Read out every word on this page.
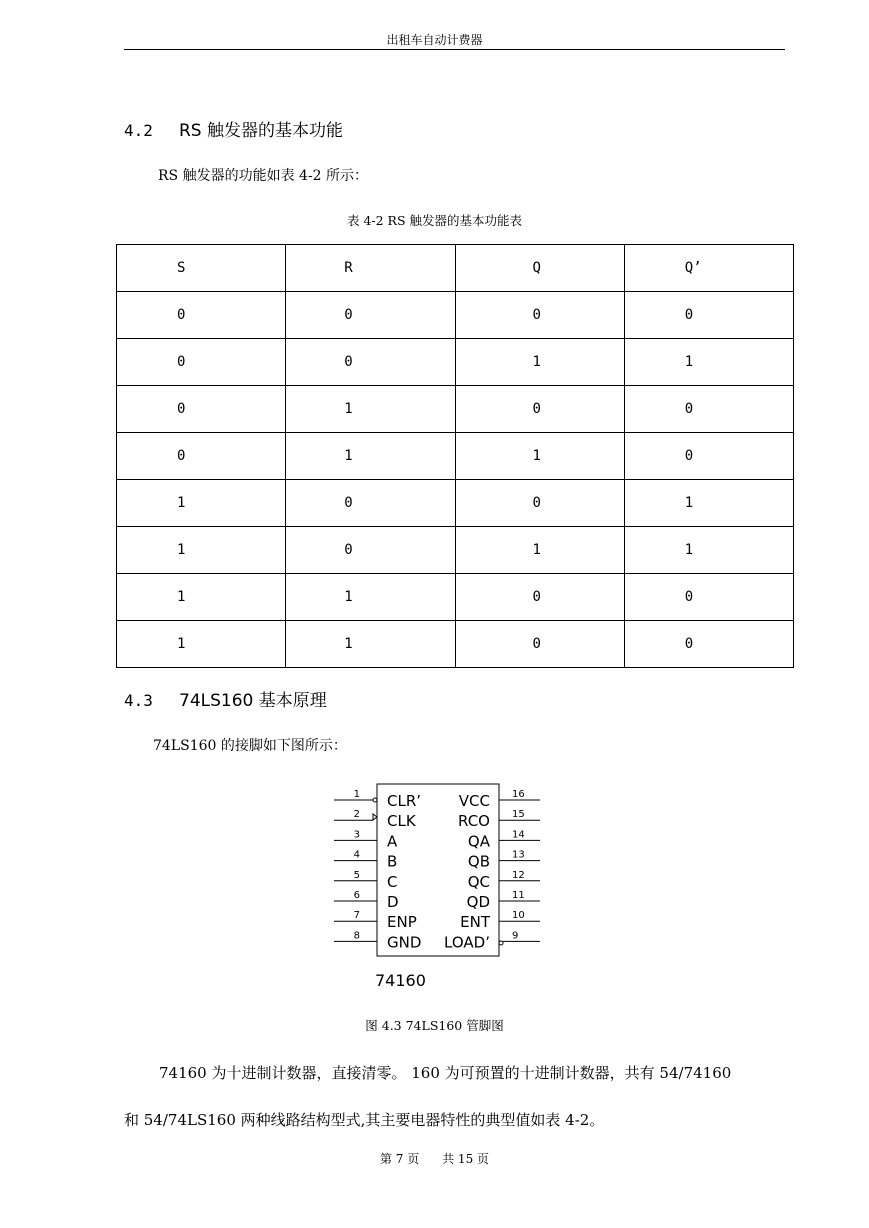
出租车自动计费器
4.2 RS 触发器的基本功能
RS 触发器的功能如表 4-2 所示：
表 4-2 RS 触发器的基本功能表
S	R	Q	Q’
0	0	0	0
0	0	1	1
0	1	0	0
0	1	1	0
1	0	0	1
1	0	1	1
1	1	0	0
1	1	0	0
4.3 74LS160 基本原理
74LS160 的接脚如下图所示：
74160
1 CLR’
2 CLK
3 A
4 B
5 C
6 D
7 ENP
8 GND
16
VCC
15
RCO
14
QA
13
QB
12
QC
11
QD
10
ENT
9
LOAD’
图 4.3 74LS160 管脚图
74160 为十进制计数器，直接清零。 160 为可预置的十进制计数器，共有 54/74160
和 54/74LS160 两种线路结构型式,其主要电器特性的典型值如表 4-2。
第 7 页      共 15 页
